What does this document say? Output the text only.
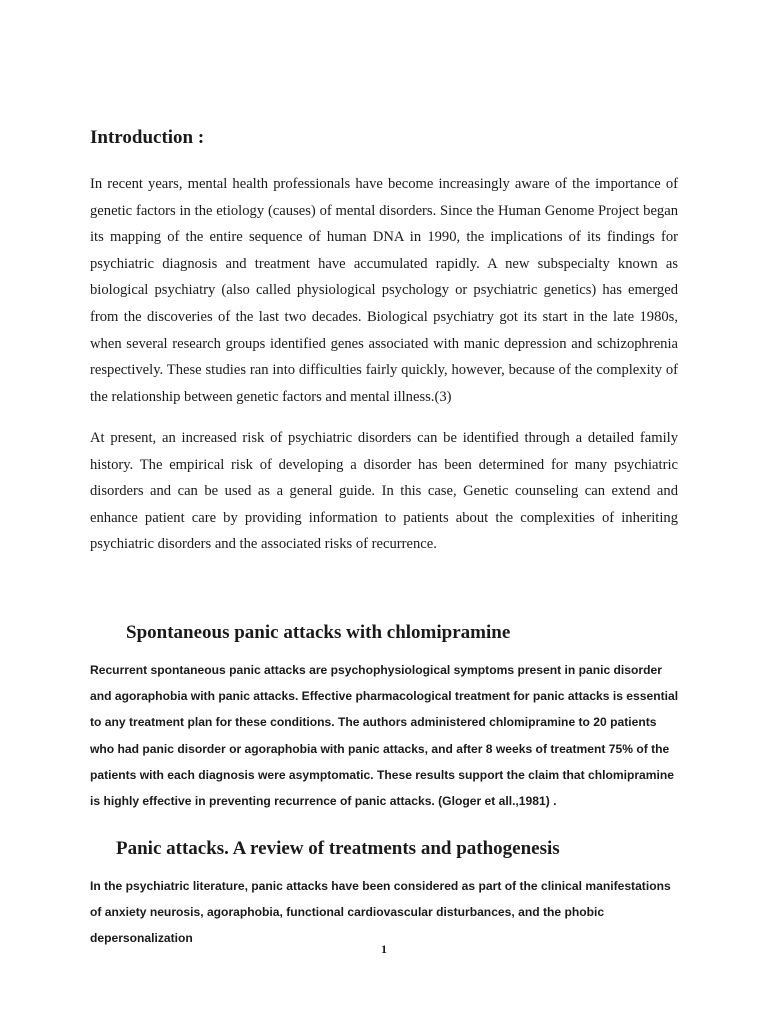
Introduction :

In recent years, mental health professionals have become increasingly aware of the importance of genetic factors in the etiology (causes) of mental disorders. Since the Human Genome Project began its mapping of the entire sequence of human DNA in 1990, the implications of its findings for psychiatric diagnosis and treatment have accumulated rapidly. A new subspecialty known as biological psychiatry (also called physiological psychology or psychiatric genetics) has emerged from the discoveries of the last two decades. Biological psychiatry got its start in the late 1980s, when several research groups identified genes associated with manic depression and schizophrenia respectively. These studies ran into difficulties fairly quickly, however, because of the complexity of the relationship between genetic factors and mental illness.(3)

At present, an increased risk of psychiatric disorders can be identified through a detailed family history. The empirical risk of developing a disorder has been determined for many psychiatric disorders and can be used as a general guide. In this case, Genetic counseling can extend and enhance patient care by providing information to patients about the complexities of inheriting psychiatric disorders and the associated risks of recurrence.

Spontaneous panic attacks with chlomipramine

Recurrent spontaneous panic attacks are psychophysiological symptoms present in panic disorder and agoraphobia with panic attacks. Effective pharmacological treatment for panic attacks is essential to any treatment plan for these conditions. The authors administered chlomipramine to 20 patients who had panic disorder or agoraphobia with panic attacks, and after 8 weeks of treatment 75% of the patients with each diagnosis were asymptomatic. These results support the claim that chlomipramine is highly effective in preventing recurrence of panic attacks. (Gloger et all.,1981) .

Panic attacks. A review of treatments and pathogenesis

In the psychiatric literature, panic attacks have been considered as part of the clinical manifestations of anxiety neurosis, agoraphobia, functional cardiovascular disturbances, and the phobic depersonalization

1
